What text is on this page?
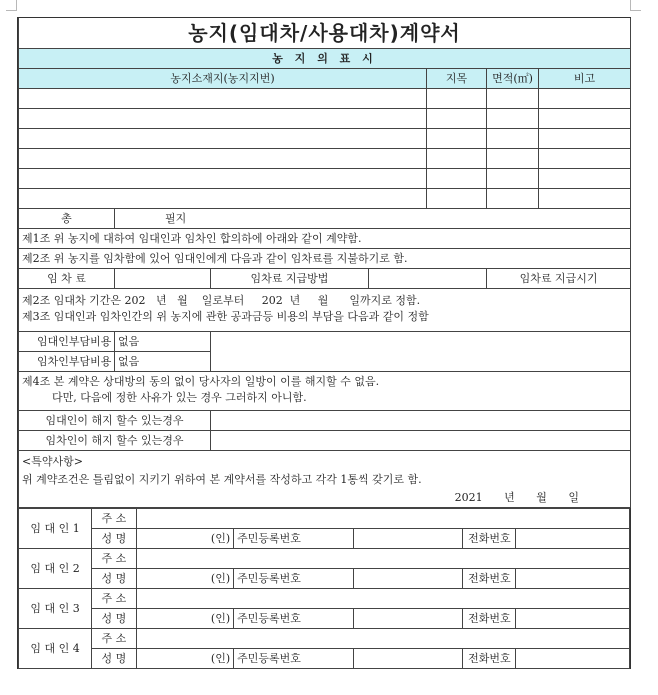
농지(임대차/사용대차)계약서						
농 지 의 표 시						
농지소재지(농지지번)				지목	면적(㎡)	비고

총	필지					
제1조 위 농지에 대하여 임대인과 임차인 합의하에 아래와 같이 계약함.						
제2조 위 농지를 임차함에 있어 임대인에게 다음과 같이 임차료를 지불하기로 함.						
임 차 료		임차료 지급방법			임차료 지급시기	

제2조 임대차 기간은 202   년   월    일로부터     202  년     월      일까지로 정함.
제3조 임대인과 임차인간의 위 농지에 관한 공과금등 비용의 부담을 다음과 같이 정함						

임대인부담비용	없음					
임차인부담비용	없음					

제4조 본 계약은 상대방의 동의 없이 당사자의 일방이 이를 해지할 수 없음.
다만, 다음에 정한 사유가 있는 경우 그러하지 아니함.						

임대인이 해지 할수 있는경우						
임차인이 해지 할수 있는경우						

<특약사항>
위 계약조건은 틀림없이 지키기 위하여 본 계약서를 작성하고 각각 1통씩 갖기로 함.
2021 년 월 일						
임 대 인 1	주 소					
	성 명	(인)	주민등록번호		전화번호	
임 대 인 2	주 소					
	성 명	(인)	주민등록번호		전화번호	
임 대 인 3	주 소					
	성 명	(인)	주민등록번호		전화번호	
임 대 인 4	주 소					
	성 명	(인)	주민등록번호		전화번호	
